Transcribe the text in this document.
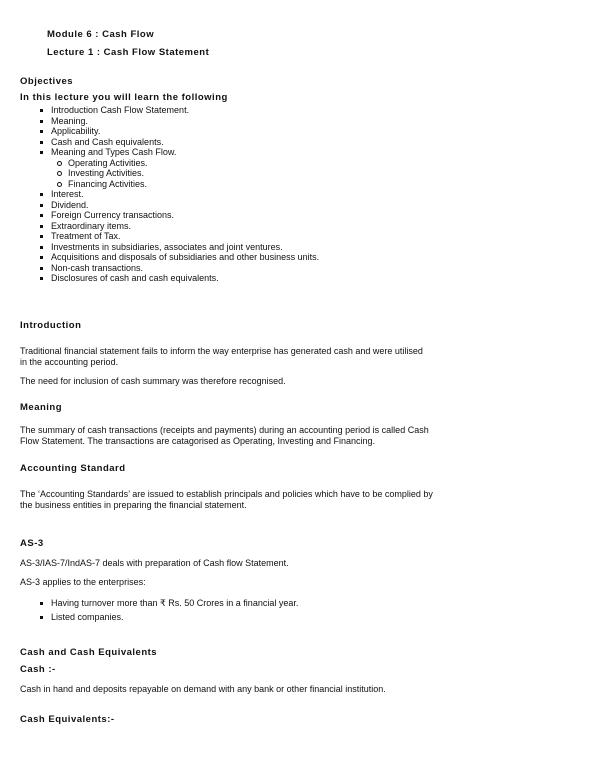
Module 6 : Cash Flow

Lecture 1 : Cash Flow Statement

Objectives

In this lecture you will learn the following

Introduction Cash Flow Statement.
Meaning.
Applicability.
Cash and Cash equivalents.
Meaning and Types Cash Flow.
Operating Activities.
Investing Activities.
Financing Activities.
Interest.
Dividend.
Foreign Currency transactions.
Extraordinary items.
Treatment of Tax.
Investments in subsidiaries, associates and joint ventures.
Acquisitions and disposals of subsidiaries and other business units.
Non-cash transactions.
Disclosures of cash and cash equivalents.

Introduction

Traditional financial statement fails to inform the way enterprise has generated cash and were utilised

in the accounting period.

The need for inclusion of cash summary was therefore recognised.

Meaning

The summary of cash transactions (receipts and payments) during an accounting period is called Cash

Flow Statement. The transactions are catagorised as Operating, Investing and Financing.

Accounting Standard

The ‘Accounting Standards’ are issued to establish principals and policies which have to be complied by

the business entities in preparing the financial statement.

AS-3

AS-3/IAS-7/IndAS-7 deals with preparation of Cash flow Statement.

AS-3 applies to the enterprises:

Having turnover more than ₹ Rs. 50 Crores in a financial year.
Listed companies.

Cash and Cash Equivalents

Cash :-

Cash in hand and deposits repayable on demand with any bank or other financial institution.

Cash Equivalents:-
